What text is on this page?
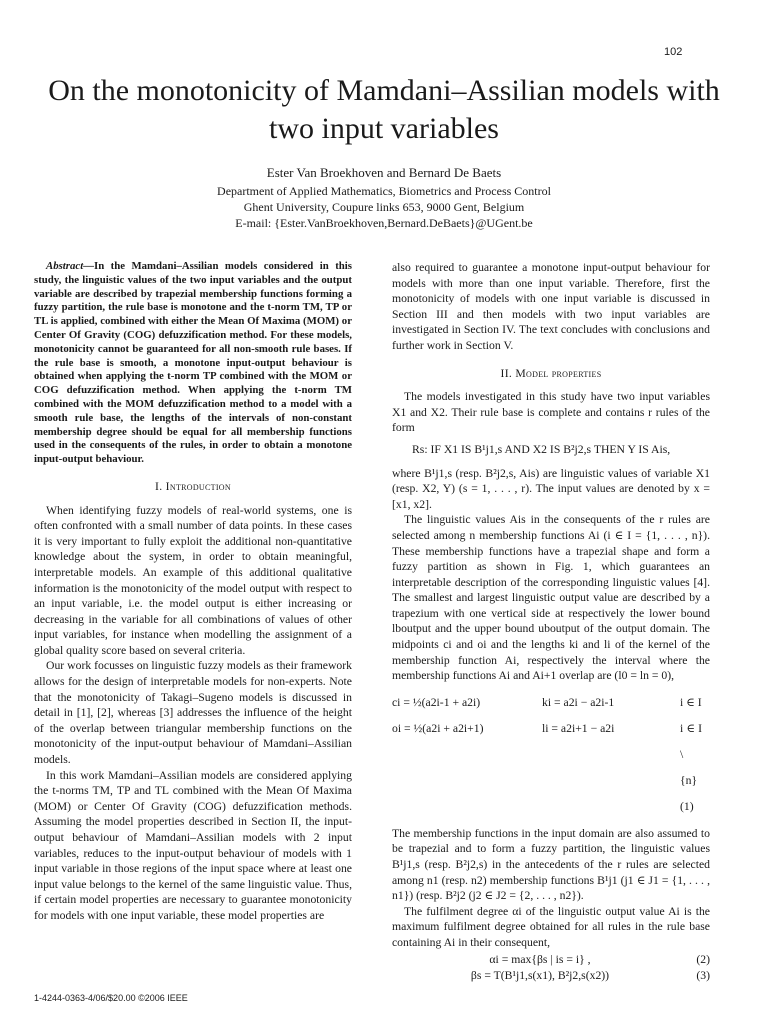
102
On the monotonicity of Mamdani–Assilian models with two input variables
Ester Van Broekhoven and Bernard De Baets
Department of Applied Mathematics, Biometrics and Process Control
Ghent University, Coupure links 653, 9000 Gent, Belgium
E-mail: {Ester.VanBroekhoven,Bernard.DeBaets}@UGent.be

Abstract—In the Mamdani–Assilian models considered in this study, the linguistic values of the two input variables and the output variable are described by trapezial membership functions forming a fuzzy partition, the rule base is monotone and the t-norm TM, TP or TL is applied, combined with either the Mean Of Maxima (MOM) or Center Of Gravity (COG) defuzzification method. For these models, monotonicity cannot be guaranteed for all non-smooth rule bases. If the rule base is smooth, a monotone input-output behaviour is obtained when applying the t-norm TP combined with the MOM or COG defuzzification method. When applying the t-norm TM combined with the MOM defuzzification method to a model with a smooth rule base, the lengths of the intervals of non-constant membership degree should be equal for all membership functions used in the consequents of the rules, in order to obtain a monotone input-output behaviour.

I. Introduction

When identifying fuzzy models of real-world systems, one is often confronted with a small number of data points. In these cases it is very important to fully exploit the additional non-quantitative knowledge about the system, in order to obtain meaningful, interpretable models. An example of this additional qualitative information is the monotonicity of the model output with respect to an input variable, i.e. the model output is either increasing or decreasing in the variable for all combinations of values of other input variables, for instance when modelling the assignment of a global quality score based on several criteria.

Our work focusses on linguistic fuzzy models as their framework allows for the design of interpretable models for non-experts. Note that the monotonicity of Takagi–Sugeno models is discussed in detail in [1], [2], whereas [3] addresses the influence of the height of the overlap between triangular membership functions on the monotonicity of the input-output behaviour of Mamdani–Assilian models.

In this work Mamdani–Assilian models are considered applying the t-norms TM, TP and TL combined with the Mean Of Maxima (MOM) or Center Of Gravity (COG) defuzzification methods. Assuming the model properties described in Section II, the input-output behaviour of Mamdani–Assilian models with 2 input variables, reduces to the input-output behaviour of models with 1 input variable in those regions of the input space where at least one input value belongs to the kernel of the same linguistic value. Thus, if certain model properties are necessary to guarantee monotonicity for models with one input variable, these model properties are

also required to guarantee a monotone input-output behaviour for models with more than one input variable. Therefore, first the monotonicity of models with one input variable is discussed in Section III and then models with two input variables are investigated in Section IV. The text concludes with conclusions and further work in Section V.

II. Model properties

The models investigated in this study have two input variables X1 and X2. Their rule base is complete and contains r rules of the form

Rs: IF X1 IS B¹j1,s AND X2 IS B²j2,s THEN Y IS Ais,

where B¹j1,s (resp. B²j2,s, Ais) are linguistic values of variable X1 (resp. X2, Y) (s = 1, . . . , r). The input values are denoted by x = [x1, x2].

The linguistic values Ais in the consequents of the r rules are selected among n membership functions Ai (i ∈ I = {1, . . . , n}). These membership functions have a trapezial shape and form a fuzzy partition as shown in Fig. 1, which guarantees an interpretable description of the corresponding linguistic values [4]. The smallest and largest linguistic output value are described by a trapezium with one vertical side at respectively the lower bound lboutput and the upper bound uboutput of the output domain. The midpoints ci and oi and the lengths ki and li of the kernel of the membership function Ai, respectively the interval where the membership functions Ai and Ai+1 overlap are (l0 = ln = 0),

ci = ½(a2i-1 + a2i)	ki = a2i − a2i-1	i ∈ I
oi = ½(a2i + a2i+1)	li = a2i+1 − a2i	i ∈ I \ {n} (1)

The membership functions in the input domain are also assumed to be trapezial and to form a fuzzy partition, the linguistic values B¹j1,s (resp. B²j2,s) in the antecedents of the r rules are selected among n1 (resp. n2) membership functions B¹j1 (j1 ∈ J1 = {1, . . . , n1}) (resp. B²j2 (j2 ∈ J2 = {2, . . . , n2}).

The fulfilment degree αi of the linguistic output value Ai is the maximum fulfilment degree obtained for all rules in the rule base containing Ai in their consequent,

αi = max{βs | is = i} ,	(2)
βs = T(B¹j1,s(x1), B²j2,s(x2))	(3)
1-4244-0363-4/06/$20.00 ©2006 IEEE
